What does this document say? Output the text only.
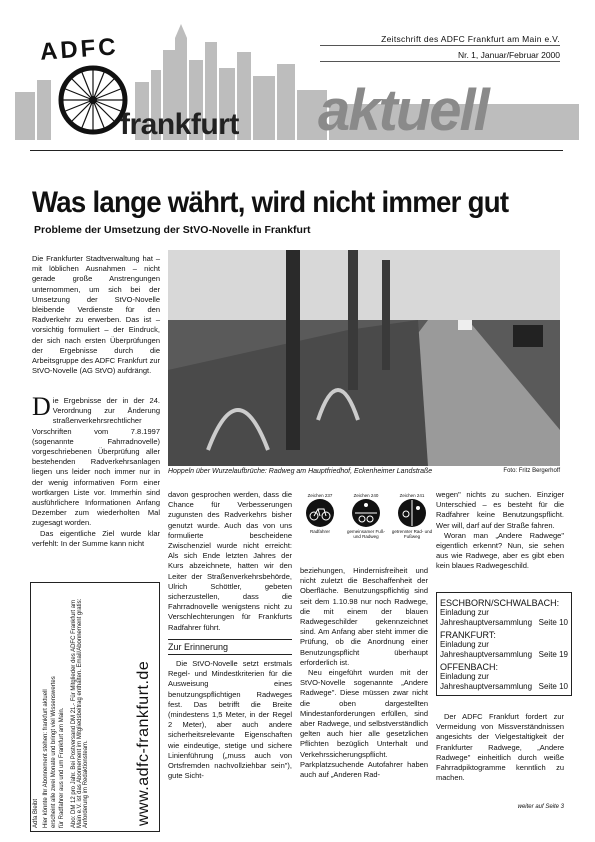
Zeitschrift des ADFC Frankfurt am Main e.V.
Nr. 1, Januar/Februar 2000
ADFC
frankfurt aktuell
Was lange währt, wird nicht immer gut
Probleme der Umsetzung der StVO-Novelle in Frankfurt
Die Frankfurter Stadtverwaltung hat – mit löblichen Ausnahmen – nicht gerade große Anstrengungen unternommen, um sich bei der Umsetzung der StVO-Novelle bleibende Verdienste für den Radverkehr zu erwerben. Das ist – vorsichtig formuliert – der Eindruck, der sich nach ersten Überprüfungen der Ergebnisse durch die Arbeitsgruppe des ADFC Frankfurt zur StVO-Novelle (AG StVO) aufdrängt.
Die Ergebnisse der in der 24. Verordnung zur Änderung straßenverkehrsrechtlicher Vorschriften vom 7.8.1997 (sogenannte Fahrradnovelle) vorgeschriebenen Überprüfung aller bestehenden Radverkehrsanlagen liegen uns leider noch immer nur in der wenig informativen Form einer wortkargen Liste vor. Immerhin sind ausführlichere Informationen Anfang Dezember zum wiederholten Mal zugesagt worden.
Das eigentliche Ziel wurde klar verfehlt: In der Summe kann nicht
Hoppeln über Wurzelaufbrüche: Radweg am Hauptfriedhof, Eckenheimer Landstraße	Foto: Fritz Bergerhoff
davon gesprochen werden, dass die Chance für Verbesserungen zugunsten des Radverkehrs bisher genutzt wurde. Auch das von uns formulierte bescheidene Zwischenziel wurde nicht erreicht: Als sich Ende letzten Jahres der Kurs abzeichnete, hatten wir den Leiter der Straßenverkehrsbehörde, Ulrich Schöttler, gebeten sicherzustellen, dass die Fahrradnovelle wenigstens nicht zu Verschlechterungen für Frankfurts Radfahrer führt.
Zur Erinnerung
Die StVO-Novelle setzt erstmals Regel- und Mindestkriterien für die Ausweisung eines benutzungspflichtigen Radweges fest. Das betrifft die Breite (mindestens 1,5 Meter, in der Regel 2 Meter), aber auch andere sicherheitsrelevante Eigenschaften wie eindeutige, stetige und sichere Linienführung („muss auch von Ortsfremden nachvollziehbar sein"), gute Sicht-
Zeichen 237
Radfahrer
Zeichen 240
gemeinsamer Fuß- und Radweg
Zeichen 241
getrennter Rad- und Fußweg
beziehungen, Hindernisfreiheit und nicht zuletzt die Beschaffenheit der Oberfläche. Benutzungspflichtig sind seit dem 1.10.98 nur noch Radwege, die mit einem der blauen Radwegeschilder gekennzeichnet sind. Am Anfang aber steht immer die Prüfung, ob die Anordnung einer Benutzungspflicht überhaupt erforderlich ist.
Neu eingeführt wurden mit der StVO-Novelle sogenannte „Andere Radwege". Diese müssen zwar nicht die oben dargestellten Mindestanforderungen erfüllen, sind aber Radwege, und selbstverständlich gelten auch hier alle gesetzlichen Pflichten bezüglich Unterhalt und Verkehrssicherungspflicht. Parkplatzsuchende Autofahrer haben auch auf „Anderen Rad-
wegen" nichts zu suchen. Einziger Unterschied – es besteht für die Radfahrer keine Benutzungspflicht. Wer will, darf auf der Straße fahren.
Woran man „Andere Radwege" eigentlich erkennt? Nun, sie sehen aus wie Radwege, aber es gibt eben kein blaues Radwegeschild.
ESCHBORN/SCHWALBACH:
Einladung zur
Jahreshauptversammlung Seite 10
FRANKFURT:
Einladung zur
Jahreshauptversammlung Seite 19
OFFENBACH:
Einladung zur
Jahreshauptversammlung Seite 10
Der ADFC Frankfurt fordert zur Vermeidung von Missverständnissen angesichts der Vielgestaltigkeit der Frankfurter Radwege, „Andere Radwege" einheitlich durch weiße Fahrradpiktogramme kenntlich zu machen.
weiter auf Seite 3
Adfa Bleibt Hier könnte Ihr Abonnement stehen: frankfurt aktuell erscheint alle zwei Monate und bringt viel Wissenswertes für Radfahrer aus und um Frankfurt am Main. Abo: DM 12 pro Jahr. Bei Postversand DM 21.- Für Mitglieder des ADFC Frankfurt am Main e.V. ist das Abonnement im Mitgliedsbeitrag enthalten. Email/Abonnement gratis: Anforderung im Redaktionsteam.	www.adfc-frankfurt.de
